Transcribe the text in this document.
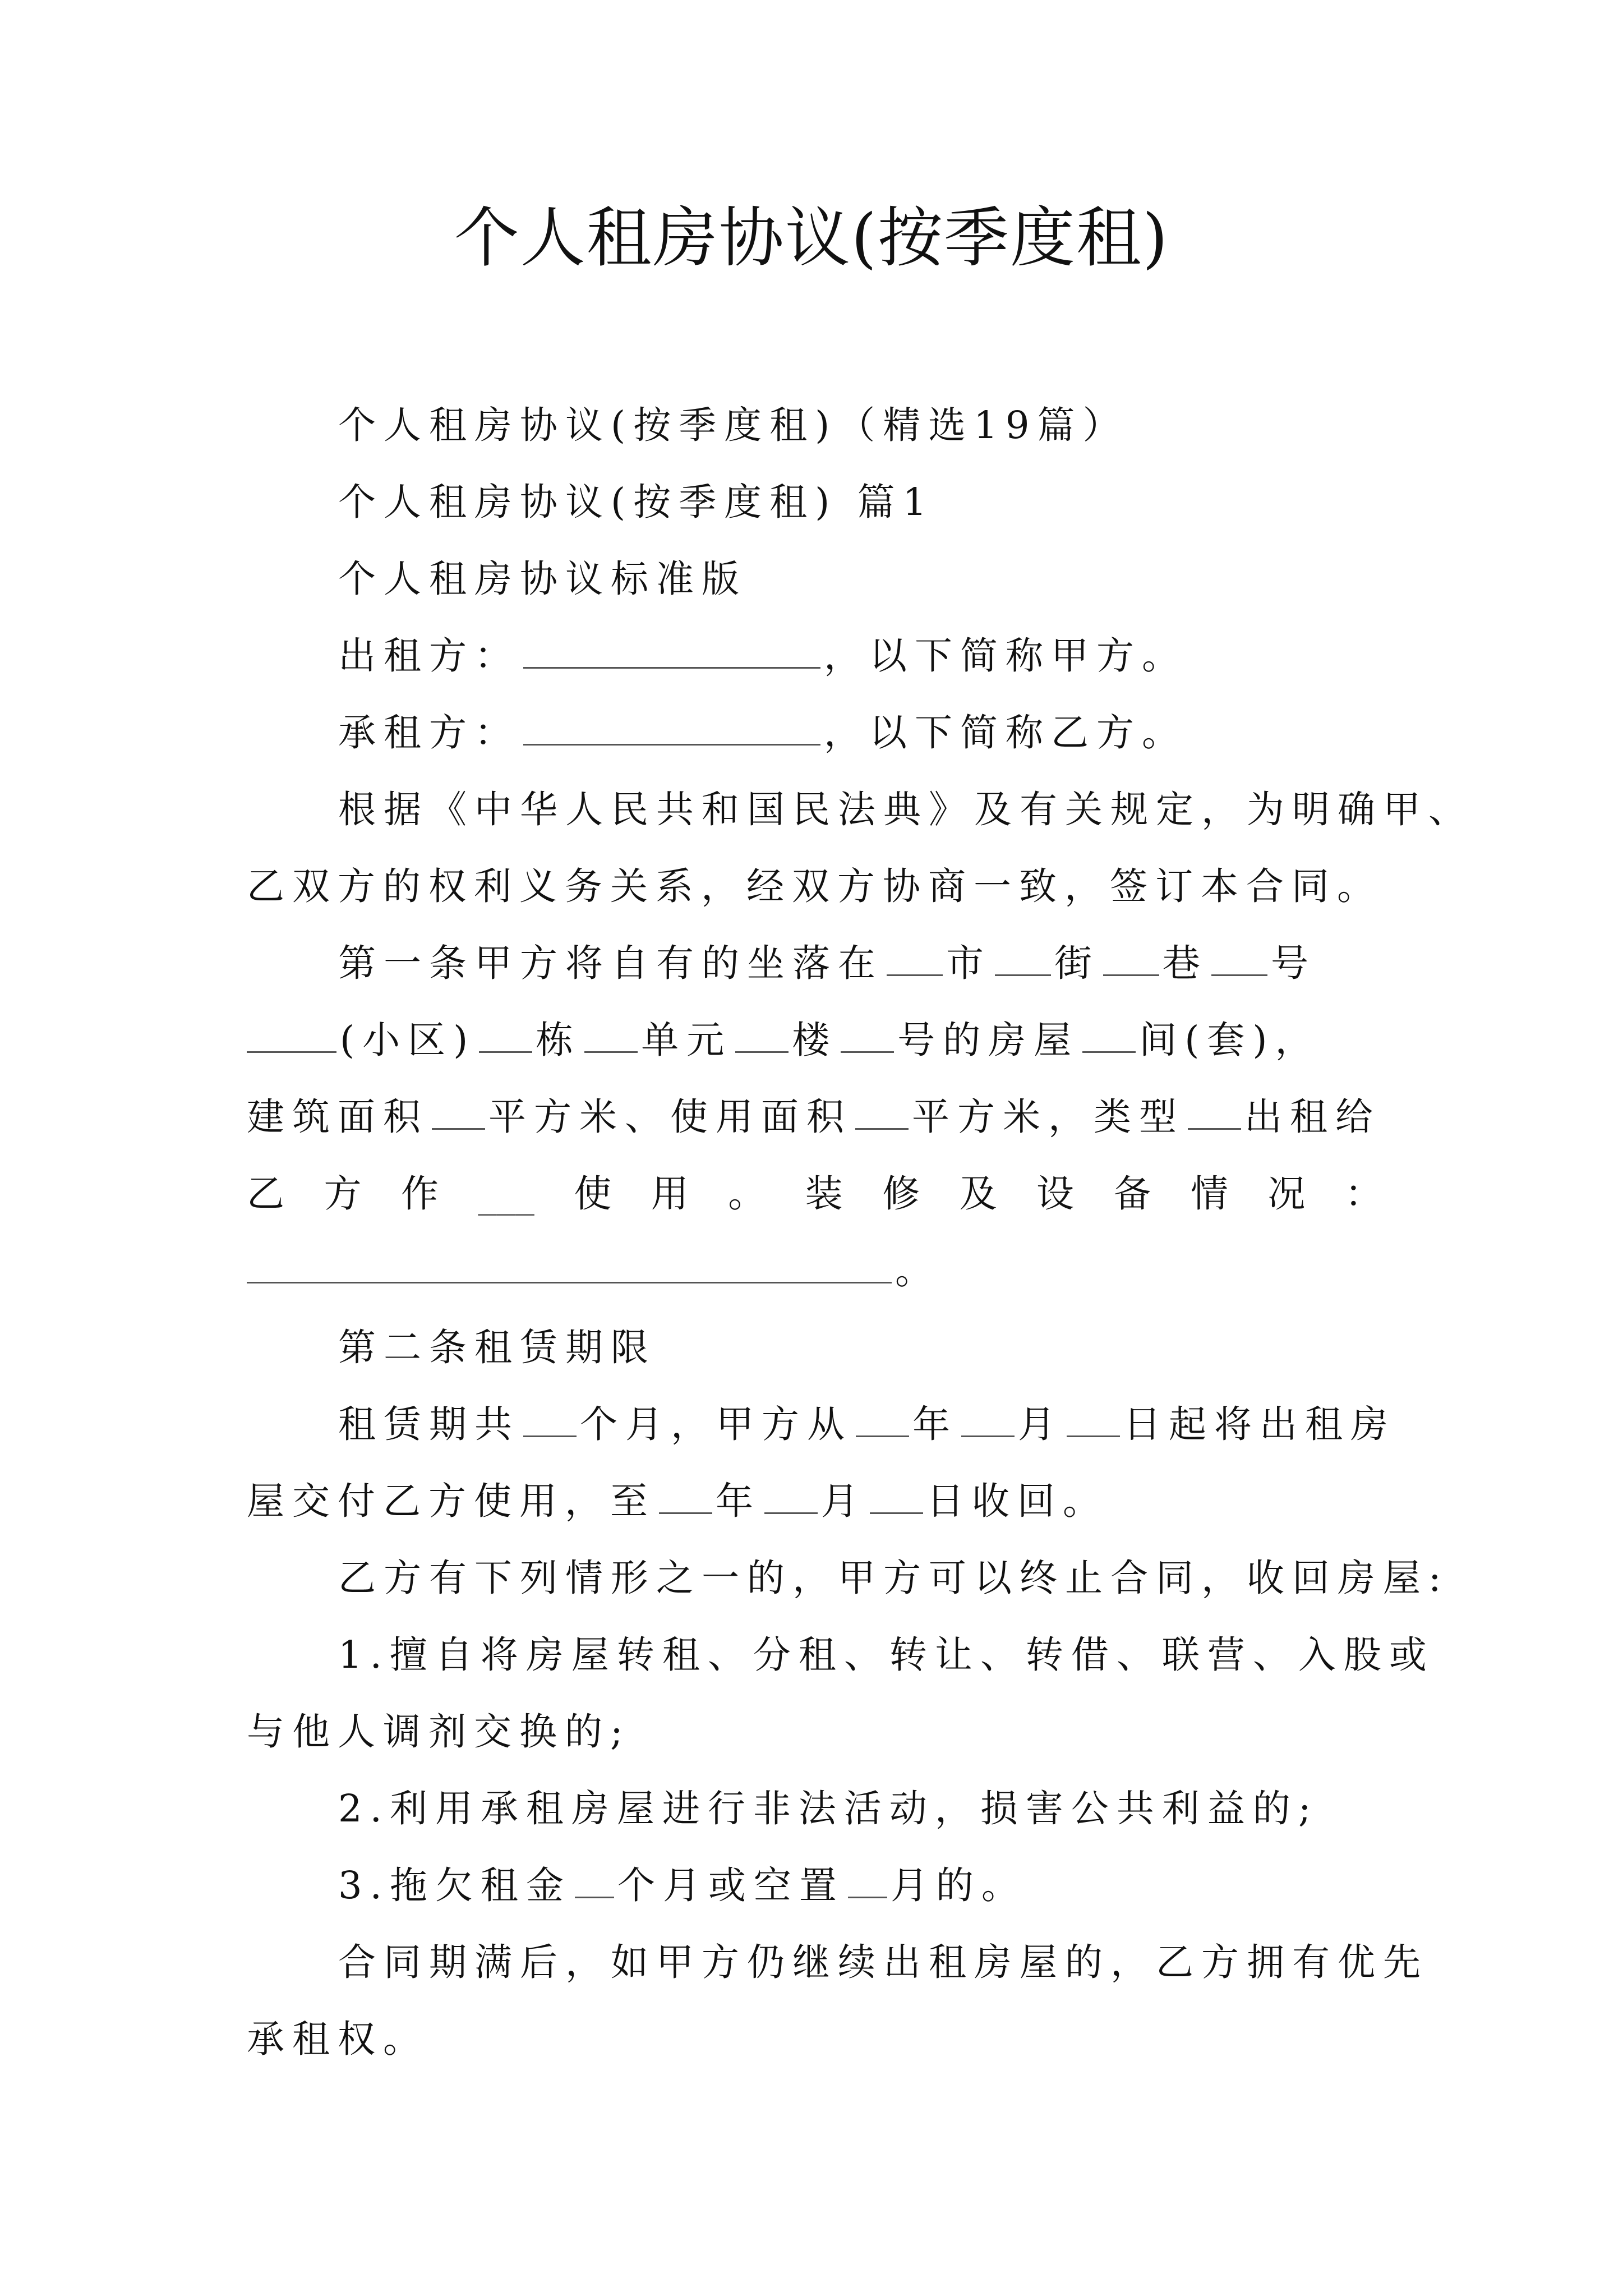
个人租房协议(按季度租)
个人租房协议(按季度租)（精选19篇）
个人租房协议(按季度租) 篇1
个人租房协议标准版
出租方：	，以下简称甲方。
承租方：	，以下简称乙方。
根据《中华人民共和国民法典》及有关规定，为明确甲、
乙双方的权利义务关系，经双方协商一致，签订本合同。
第一条甲方将自有的坐落在 市 街 巷 号
(小区) 栋 单元 楼 号的房屋 间(套)，
建筑面积 平方米、使用面积 平方米，类型 出租给
乙 方 作 ___ 使 用 。 装 修 及 设 备 情 况 ：
。
第二条租赁期限
租赁期共 个月，甲方从 年 月 日起将出租房
屋交付乙方使用，至 年 月 日收回。
乙方有下列情形之一的，甲方可以终止合同，收回房屋:
1.擅自将房屋转租、分租、转让、转借、联营、入股或
与他人调剂交换的;
2.利用承租房屋进行非法活动，损害公共利益的;
3.拖欠租金 个月或空置 月的。
合同期满后，如甲方仍继续出租房屋的，乙方拥有优先
承租权。
